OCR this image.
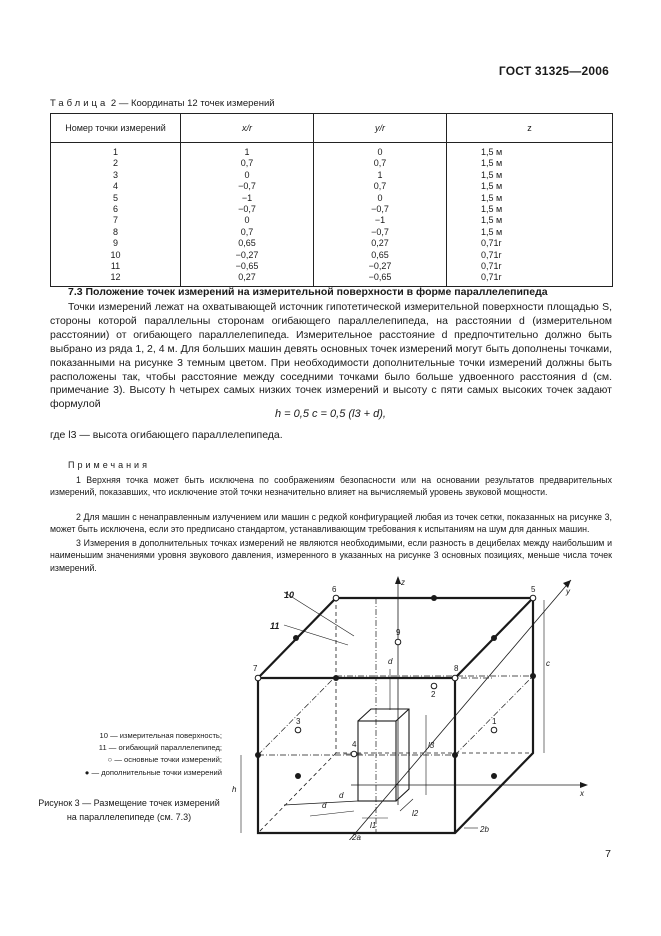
ГОСТ 31325—2006
Таблица 2 — Координаты 12 точек измерений
Номер точки измерений	x/r	y/r	z
1	1	0	1,5 м
2	0,7	0,7	1,5 м
3	0	1	1,5 м
4	−0,7	0,7	1,5 м
5	−1	0	1,5 м
6	−0,7	−0,7	1,5 м
7	0	−1	1,5 м
8	0,7	−0,7	1,5 м
9	0,65	0,27	0,71r
10	−0,27	0,65	0,71r
11	−0,65	−0,27	0,71r
12	0,27	−0,65	0,71r
7.3 Положение точек измерений на измерительной поверхности в форме параллелепипеда

Точки измерений лежат на охватывающей источник гипотетической измерительной поверхности площадью S, стороны которой параллельны сторонам огибающего параллелепипеда, на расстоянии d (измерительном расстоянии) от огибающего параллелепипеда. Измерительное расстояние d предпочтительно должно быть выбрано из ряда 1, 2, 4 м. Для больших машин девять основных точек измерений могут быть дополнены точками, показанными на рисунке 3 темным цветом. При необходимости дополнительные точки измерений должны быть расположены так, чтобы расстояние между соседними точками было больше удвоенного расстояния d (см. примечание 3). Высоту h четырех самых низких точек измерений и высоту c пяти самых высоких точек задают формулой

h = 0,5 c = 0,5 (l3 + d),
где l3 — высота огибающего параллелепипеда.
Примечания

1 Верхняя точка может быть исключена по соображениям безопасности или на основании результатов предварительных измерений, показавших, что исключение этой точки незначительно влияет на вычисляемый уровень звуковой мощности.

2 Для машин с ненаправленным излучением или машин с редкой конфигурацией любая из точек сетки, показанных на рисунке 3, может быть исключена, если это предписано стандартом, устанавливающим требования к испытаниям на шум для данных машин.

3 Измерения в дополнительных точках измерений не являются необходимыми, если разность в децибелах между наибольшим и наименьшим значениями уровня звукового давления, измеренного в указанных на рисунке 3 основных позициях, меньше числа точек измерений.

10 — измерительная поверхность;
11 — огибающий параллелепипед;
○ — основные точки измерений;
● — дополнительные точки измерений
Рисунок 3 — Размещение точек измерений на параллелепипеде (см. 7.3)
6	5
7	8
9
2
1
3
4
10
11
z
y
x
d
d
d
c
h
l1
l2
l3
2a
2b
7
